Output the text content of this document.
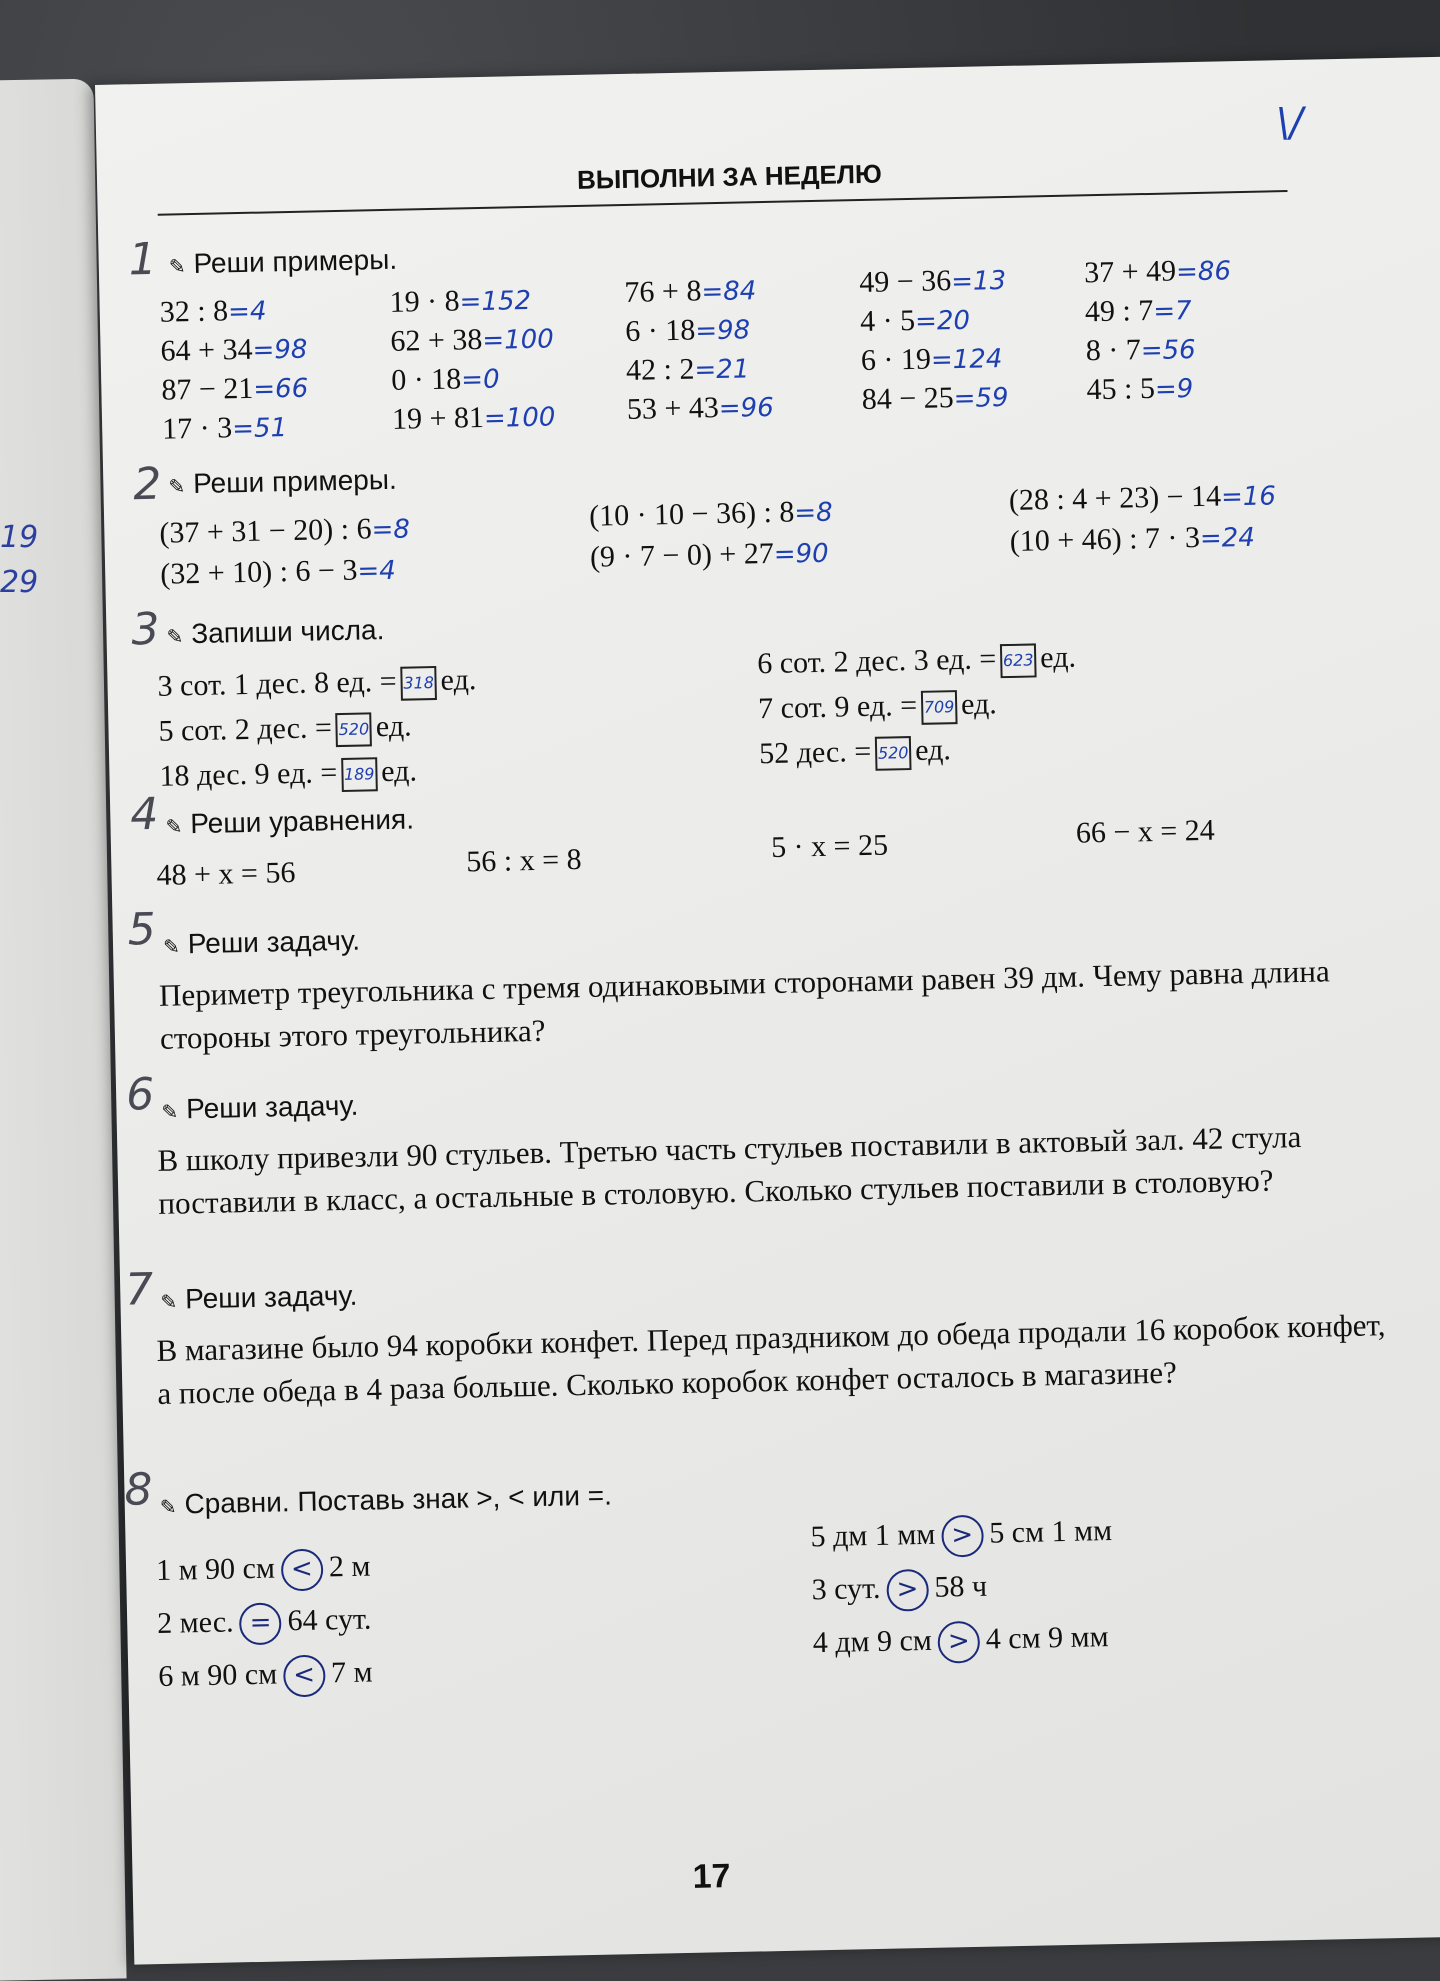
19
29
ВЫПОЛНИ ЗА НЕДЕЛЮ
\/
1 ✎ Реши примеры.
32 : 8=4
64 + 34=98
87 − 21=66
17 · 3=51
19 · 8=152
62 + 38=100
0 · 18=0
19 + 81=100
76 + 8=84
6 · 18=98
42 : 2=21
53 + 43=96
49 − 36=13
4 · 5=20
6 · 19=124
84 − 25=59
37 + 49=86
49 : 7=7
8 · 7=56
45 : 5=9
2 ✎ Реши примеры.
(37 + 31 − 20) : 6=8
(32 + 10) : 6 − 3=4
(10 · 10 − 36) : 8=8
(9 · 7 − 0) + 27=90
(28 : 4 + 23) − 14=16
(10 + 46) : 7 · 3=24
3 ✎ Запиши числа.
3 сот. 1 дес. 8 ед. = 318 ед.
5 сот. 2 дес. = 520 ед.
18 дес. 9 ед. = 189 ед.
6 сот. 2 дес. 3 ед. = 623 ед.
7 сот. 9 ед. = 709 ед.
52 дес. = 520 ед.
4 ✎ Реши уравнения.
48 + x = 56	56 : x = 8	5 · x = 25	66 − x = 24
5 ✎ Реши задачу.
Периметр треугольника с тремя одинаковыми сторонами равен 39 дм. Чему равна длина стороны этого треугольника?
6 ✎ Реши задачу.
В школу привезли 90 стульев. Третью часть стульев поставили в актовый зал. 42 стула поставили в класс, а остальные в столовую. Сколько стульев поставили в столовую?
7 ✎ Реши задачу.
В магазине было 94 коробки конфет. Перед праздником до обеда продали 16 коробок конфет, а после обеда в 4 раза больше. Сколько коробок конфет осталось в магазине?
8 ✎ Сравни. Поставь знак >, < или =.
1 м 90 см < 2 м
2 мес. = 64 сут.
6 м 90 см < 7 м
5 дм 1 мм > 5 см 1 мм
3 сут. > 58 ч
4 дм 9 см > 4 см 9 мм
17
